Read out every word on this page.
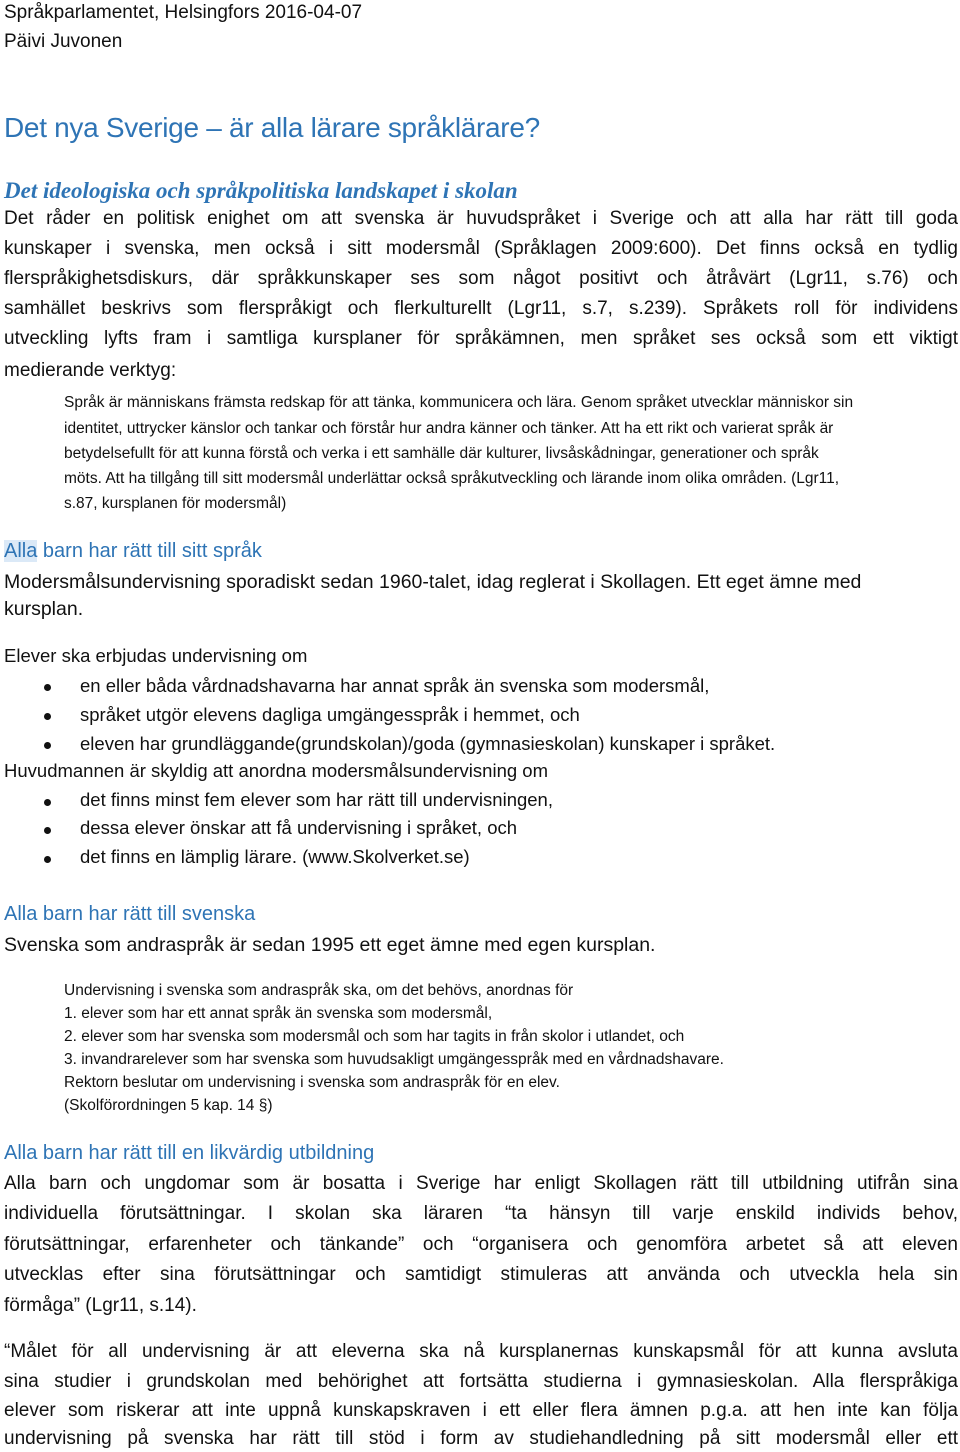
Språkparlamentet, Helsingfors 2016-04-07
Päivi Juvonen
Det nya Sverige – är alla lärare språklärare?
Det ideologiska och språkpolitiska landskapet i skolan
Det råder en politisk enighet om att svenska är huvudspråket i Sverige och att alla har rätt till goda
kunskaper i svenska, men också i sitt modersmål (Språklagen 2009:600). Det finns också en tydlig
flerspråkighetsdiskurs, där språkkunskaper ses som något positivt och åtråvärt (Lgr11, s.76) och
samhället beskrivs som flerspråkigt och flerkulturellt (Lgr11, s.7, s.239). Språkets roll för individens
utveckling lyfts fram i samtliga kursplaner för språkämnen, men språket ses också som ett viktigt
medierande verktyg:
Språk är människans främsta redskap för att tänka, kommunicera och lära. Genom språket utvecklar människor sin
identitet, uttrycker känslor och tankar och förstår hur andra känner och tänker. Att ha ett rikt och varierat språk är
betydelsefullt för att kunna förstå och verka i ett samhälle där kulturer, livsåskådningar, generationer och språk
möts. Att ha tillgång till sitt modersmål underlättar också språkutveckling och lärande inom olika områden. (Lgr11,
s.87, kursplanen för modersmål)
Alla barn har rätt till sitt språk
Modersmålsundervisning sporadiskt sedan 1960-talet, idag reglerat i Skollagen. Ett eget ämne med
kursplan.
Elever ska erbjudas undervisning om
en eller båda vårdnadshavarna har annat språk än svenska som modersmål,
språket utgör elevens dagliga umgängesspråk i hemmet, och
eleven har grundläggande(grundskolan)/goda (gymnasieskolan) kunskaper i språket.
Huvudmannen är skyldig att anordna modersmålsundervisning om
det finns minst fem elever som har rätt till undervisningen,
dessa elever önskar att få undervisning i språket, och
det finns en lämplig lärare. (www.Skolverket.se)
Alla barn har rätt till svenska
Svenska som andraspråk är sedan 1995 ett eget ämne med egen kursplan.
Undervisning i svenska som andraspråk ska, om det behövs, anordnas för
1. elever som har ett annat språk än svenska som modersmål,
2. elever som har svenska som modersmål och som har tagits in från skolor i utlandet, och
3. invandrarelever som har svenska som huvudsakligt umgängesspråk med en vårdnadshavare.
Rektorn beslutar om undervisning i svenska som andraspråk för en elev.
(Skolförordningen 5 kap. 14 §)
Alla barn har rätt till en likvärdig utbildning
Alla barn och ungdomar som är bosatta i Sverige har enligt Skollagen rätt till utbildning utifrån sina
individuella förutsättningar. I skolan ska läraren “ta hänsyn till varje enskild individs behov,
förutsättningar, erfarenheter och tänkande” och “organisera och genomföra arbetet så att eleven
utvecklas efter sina förutsättningar och samtidigt stimuleras att använda och utveckla hela sin
förmåga” (Lgr11, s.14).
“Målet för all undervisning är att eleverna ska nå kursplanernas kunskapsmål för att kunna avsluta
sina studier i grundskolan med behörighet att fortsätta studierna i gymnasieskolan. Alla flerspråkiga
elever som riskerar att inte uppnå kunskapskraven i ett eller flera ämnen p.g.a. att hen inte kan följa
undervisning på svenska har rätt till stöd i form av studiehandledning på sitt modersmål eller ett
